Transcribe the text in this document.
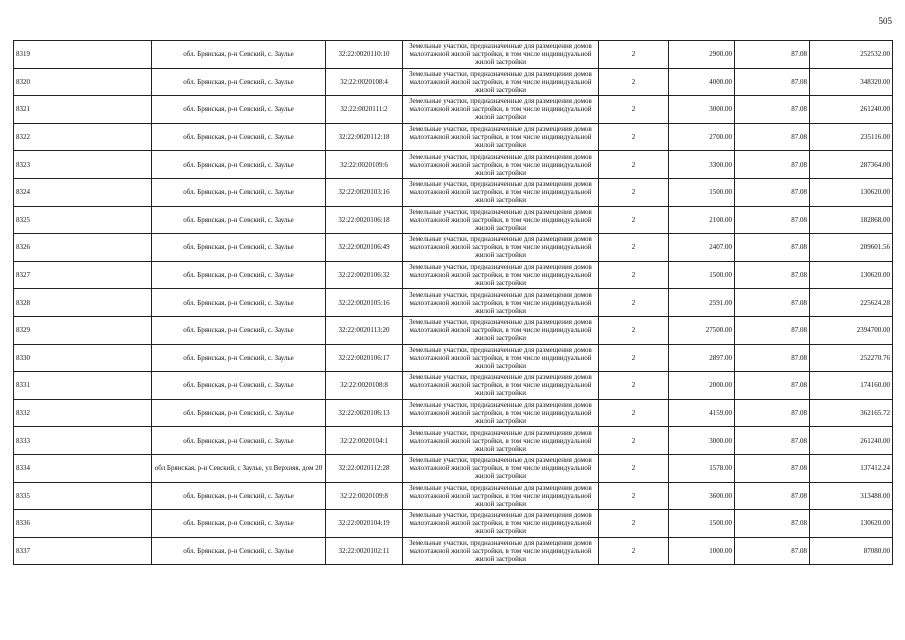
505
8319	обл. Брянская, р-н Севский, с. Заулье	32:22:0020110:10	Земельные участки, предназначенные для размещения домов малоэтажной жилой застройки, в том числе индивидуальной жилой застройки	2	2900.00	87.08	252532.00
8320	обл. Брянская, р-н Севский, с. Заулье	32:22:0020108:4	Земельные участки, предназначенные для размещения домов малоэтажной жилой застройки, в том числе индивидуальной жилой застройки	2	4000.00	87.08	348320.00
8321	обл. Брянская, р-н Севский, с. Заулье	32:22:0020111:2	Земельные участки, предназначенные для размещения домов малоэтажной жилой застройки, в том числе индивидуальной жилой застройки	2	3000.00	87.08	261240.00
8322	обл. Брянская, р-н Севский, с. Заулье	32:22:0020112:18	Земельные участки, предназначенные для размещения домов малоэтажной жилой застройки, в том числе индивидуальной жилой застройки	2	2700.00	87.08	235116.00
8323	обл. Брянская, р-н Севский, с. Заулье	32:22:0020109:6	Земельные участки, предназначенные для размещения домов малоэтажной жилой застройки, в том числе индивидуальной жилой застройки	2	3300.00	87.08	287364.00
8324	обл. Брянская, р-н Севский, с. Заулье	32:22:0020103:16	Земельные участки, предназначенные для размещения домов малоэтажной жилой застройки, в том числе индивидуальной жилой застройки	2	1500.00	87.08	130620.00
8325	обл. Брянская, р-н Севский, с. Заулье	32:22:0020106:18	Земельные участки, предназначенные для размещения домов малоэтажной жилой застройки, в том числе индивидуальной жилой застройки	2	2100.00	87.08	182868.00
8326	обл. Брянская, р-н Севский, с. Заулье	32:22:0020106:49	Земельные участки, предназначенные для размещения домов малоэтажной жилой застройки, в том числе индивидуальной жилой застройки	2	2407.00	87.08	209601.56
8327	обл. Брянская, р-н Севский, с. Заулье	32:22:0020106:32	Земельные участки, предназначенные для размещения домов малоэтажной жилой застройки, в том числе индивидуальной жилой застройки	2	1500.00	87.08	130620.00
8328	обл. Брянская, р-н Севский, с. Заулье	32:22:0020105:16	Земельные участки, предназначенные для размещения домов малоэтажной жилой застройки, в том числе индивидуальной жилой застройки	2	2591.00	87.08	225624.28
8329	обл. Брянская, р-н Севский, с. Заулье	32:22:0020113:20	Земельные участки, предназначенные для размещения домов малоэтажной жилой застройки, в том числе индивидуальной жилой застройки	2	27500.00	87.08	2394700.00
8330	обл. Брянская, р-н Севский, с. Заулье	32:22:0020106:17	Земельные участки, предназначенные для размещения домов малоэтажной жилой застройки, в том числе индивидуальной жилой застройки	2	2897.00	87.08	252270.76
8331	обл. Брянская, р-н Севский, с. Заулье	32:22:0020108:8	Земельные участки, предназначенные для размещения домов малоэтажной жилой застройки, в том числе индивидуальной жилой застройки	2	2000.00	87.08	174160.00
8332	обл. Брянская, р-н Севский, с. Заулье	32:22:0020106:13	Земельные участки, предназначенные для размещения домов малоэтажной жилой застройки, в том числе индивидуальной жилой застройки	2	4159.00	87.08	362165.72
8333	обл. Брянская, р-н Севский, с. Заулье	32:22:0020104:1	Земельные участки, предназначенные для размещения домов малоэтажной жилой застройки, в том числе индивидуальной жилой застройки	2	3000.00	87.08	261240.00
8334	обл Брянская, р-н Севский, с Заулье, ул Верхняя, дом 20	32:22:0020112:28	Земельные участки, предназначенные для размещения домов малоэтажной жилой застройки, в том числе индивидуальной жилой застройки	2	1578.00	87.08	137412.24
8335	обл. Брянская, р-н Севский, с. Заулье	32:22:0020109:8	Земельные участки, предназначенные для размещения домов малоэтажной жилой застройки, в том числе индивидуальной жилой застройки	2	3600.00	87.08	313488.00
8336	обл. Брянская, р-н Севский, с. Заулье	32:22:0020104:19	Земельные участки, предназначенные для размещения домов малоэтажной жилой застройки, в том числе индивидуальной жилой застройки	2	1500.00	87.08	130620.00
8337	обл. Брянская, р-н Севский, с. Заулье	32:22:0020102:11	Земельные участки, предназначенные для размещения домов малоэтажной жилой застройки, в том числе индивидуальной жилой застройки	2	1000.00	87.08	87080.00
